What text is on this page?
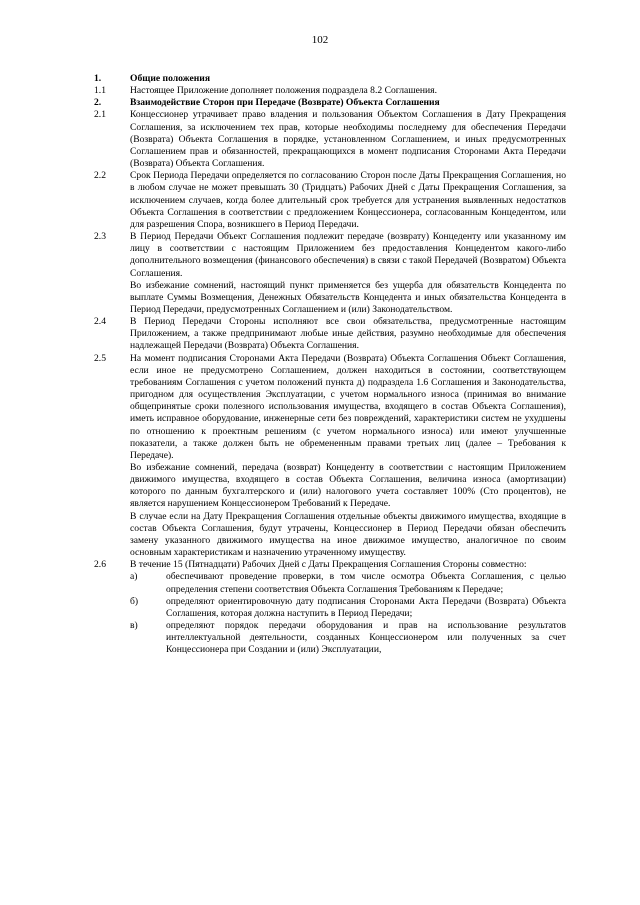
102
1.	Общие положения
1.1	Настоящее Приложение дополняет положения подраздела 8.2 Соглашения.
2.	Взаимодействие Сторон при Передаче (Возврате) Объекта Соглашения
2.1	Концессионер утрачивает право владения и пользования Объектом Соглашения в Дату Прекращения Соглашения, за исключением тех прав, которые необходимы последнему для обеспечения Передачи (Возврата) Объекта Соглашения в порядке, установленном Соглашением, и иных предусмотренных Соглашением прав и обязанностей, прекращающихся в момент подписания Сторонами Акта Передачи (Возврата) Объекта Соглашения.
2.2	Срок Периода Передачи определяется по согласованию Сторон после Даты Прекращения Соглашения, но в любом случае не может превышать 30 (Тридцать) Рабочих Дней с Даты Прекращения Соглашения, за исключением случаев, когда более длительный срок требуется для устранения выявленных недостатков Объекта Соглашения в соответствии с предложением Концессионера, согласованным Концедентом, или для разрешения Спора, возникшего в Период Передачи.
2.3	В Период Передачи Объект Соглашения подлежит передаче (возврату) Концеденту или указанному им лицу в соответствии с настоящим Приложением без предоставления Концедентом какого-либо дополнительного возмещения (финансового обеспечения) в связи с такой Передачей (Возвратом) Объекта Соглашения.
Во избежание сомнений, настоящий пункт применяется без ущерба для обязательств Концедента по выплате Суммы Возмещения, Денежных Обязательств Концедента и иных обязательства Концедента в Период Передачи, предусмотренных Соглашением и (или) Законодательством.
2.4	В Период Передачи Стороны исполняют все свои обязательства, предусмотренные настоящим Приложением, а также предпринимают любые иные действия, разумно необходимые для обеспечения надлежащей Передачи (Возврата) Объекта Соглашения.
2.5	На момент подписания Сторонами Акта Передачи (Возврата) Объекта Соглашения Объект Соглашения, если иное не предусмотрено Соглашением, должен находиться в состоянии, соответствующем требованиям Соглашения с учетом положений пункта д) подраздела 1.6 Соглашения и Законодательства, пригодном для осуществления Эксплуатации, с учетом нормального износа (принимая во внимание общепринятые сроки полезного использования имущества, входящего в состав Объекта Соглашения), иметь исправное оборудование, инженерные сети без повреждений, характеристики систем не ухудшены по отношению к проектным решениям (с учетом нормального износа) или имеют улучшенные показатели, а также должен быть не обремененным правами третьих лиц (далее – Требования к Передаче).
Во избежание сомнений, передача (возврат) Концеденту в соответствии с настоящим Приложением движимого имущества, входящего в состав Объекта Соглашения, величина износа (амортизации) которого по данным бухгалтерского и (или) налогового учета составляет 100% (Сто процентов), не является нарушением Концессионером Требований к Передаче.
В случае если на Дату Прекращения Соглашения отдельные объекты движимого имущества, входящие в состав Объекта Соглашения, будут утрачены, Концессионер в Период Передачи обязан обеспечить замену указанного движимого имущества на иное движимое имущество, аналогичное по своим основным характеристикам и назначению утраченному имуществу.
2.6	В течение 15 (Пятнадцати) Рабочих Дней с Даты Прекращения Соглашения Стороны совместно:
а)	обеспечивают проведение проверки, в том числе осмотра Объекта Соглашения, с целью определения степени соответствия Объекта Соглашения Требованиям к Передаче;
б)	определяют ориентировочную дату подписания Сторонами Акта Передачи (Возврата) Объекта Соглашения, которая должна наступить в Период Передачи;
в)	определяют порядок передачи оборудования и прав на использование результатов интеллектуальной деятельности, созданных Концессионером или полученных за счет Концессионера при Создании и (или) Эксплуатации,
